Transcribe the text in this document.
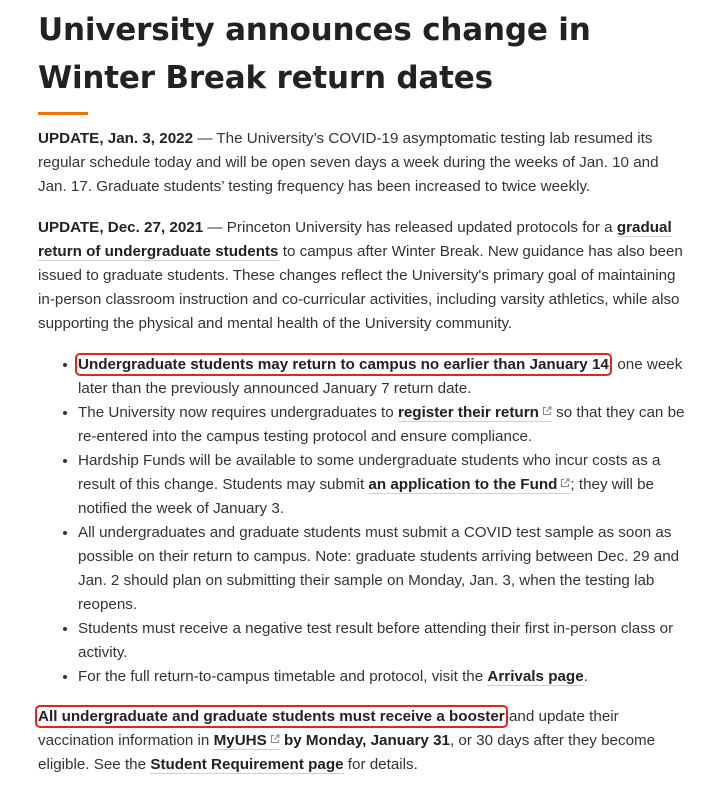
University announces change in Winter Break return dates

UPDATE, Jan. 3, 2022 — The University’s COVID-19 asymptomatic testing lab resumed its regular schedule today and will be open seven days a week during the weeks of Jan. 10 and Jan. 17. Graduate students’ testing frequency has been increased to twice weekly.

UPDATE, Dec. 27, 2021 — Princeton University has released updated protocols for a gradual return of undergraduate students to campus after Winter Break. New guidance has also been issued to graduate students. These changes reflect the University's primary goal of maintaining in-person classroom instruction and co-curricular activities, including varsity athletics, while also supporting the physical and mental health of the University community.

• Undergraduate students may return to campus no earlier than January 14, one week later than the previously announced January 7 return date.
• The University now requires undergraduates to register their return so that they can be re-entered into the campus testing protocol and ensure compliance.
• Hardship Funds will be available to some undergraduate students who incur costs as a result of this change. Students may submit an application to the Fund ; they will be notified the week of January 3.
• All undergraduates and graduate students must submit a COVID test sample as soon as possible on their return to campus. Note: graduate students arriving between Dec. 29 and Jan. 2 should plan on submitting their sample on Monday, Jan. 3, when the testing lab reopens.
• Students must receive a negative test result before attending their first in-person class or activity.
• For the full return-to-campus timetable and protocol, visit the Arrivals page.

All undergraduate and graduate students must receive a booster and update their vaccination information in MyUHS by Monday, January 31, or 30 days after they become eligible. See the Student Requirement page for details.
